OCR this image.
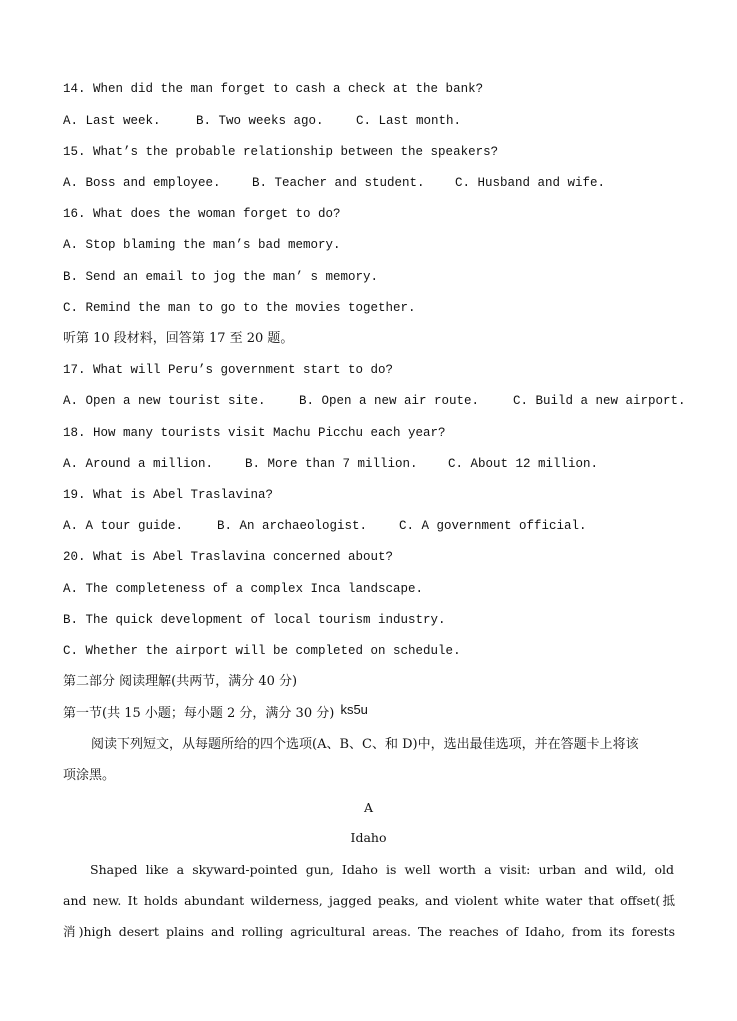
14. When did the man forget to cash a check at the bank?
A. Last week.	B. Two weeks ago.	C. Last month.
15. What’s the probable relationship between the speakers?
A. Boss and employee.	B. Teacher and student. C. Husband and wife.
16. What does the woman forget to do?
A. Stop blaming the man’s bad memory.
B. Send an email to jog the man’ s memory.
C. Remind the man to go to the movies together.
听第 10 段材料，回答第 17 至 20 题。
17. What will Peru’s government start to do?
A. Open a new tourist site.	B. Open a new air route.	C. Build a new airport.
18. How many tourists visit Machu Picchu each year?
A. Around a million.	B. More than 7 million. C. About 12 million.
19. What is Abel Traslavina?
A. A tour guide.	B. An archaeologist.	C. A government official.
20. What is Abel Traslavina concerned about?
A. The completeness of a complex Inca landscape.
B. The quick development of local tourism industry.
C. Whether the airport will be completed on schedule.
第二部分 阅读理解(共两节，满分 40 分)
第一节(共 15 小题；每小题 2 分，满分 30 分) ks5u
阅读下列短文，从每题所给的四个选项(A、B、C、和 D)中，选出最佳选项，并在答题卡上将该
项涂黑。
A
Idaho
Shaped like a skyward-pointed gun, Idaho is well worth a visit: urban and wild, old
and new. It holds abundant wilderness, jagged peaks, and violent white water that offset(抵
消)high desert plains and rolling agricultural areas. The reaches of Idaho, from its forests
